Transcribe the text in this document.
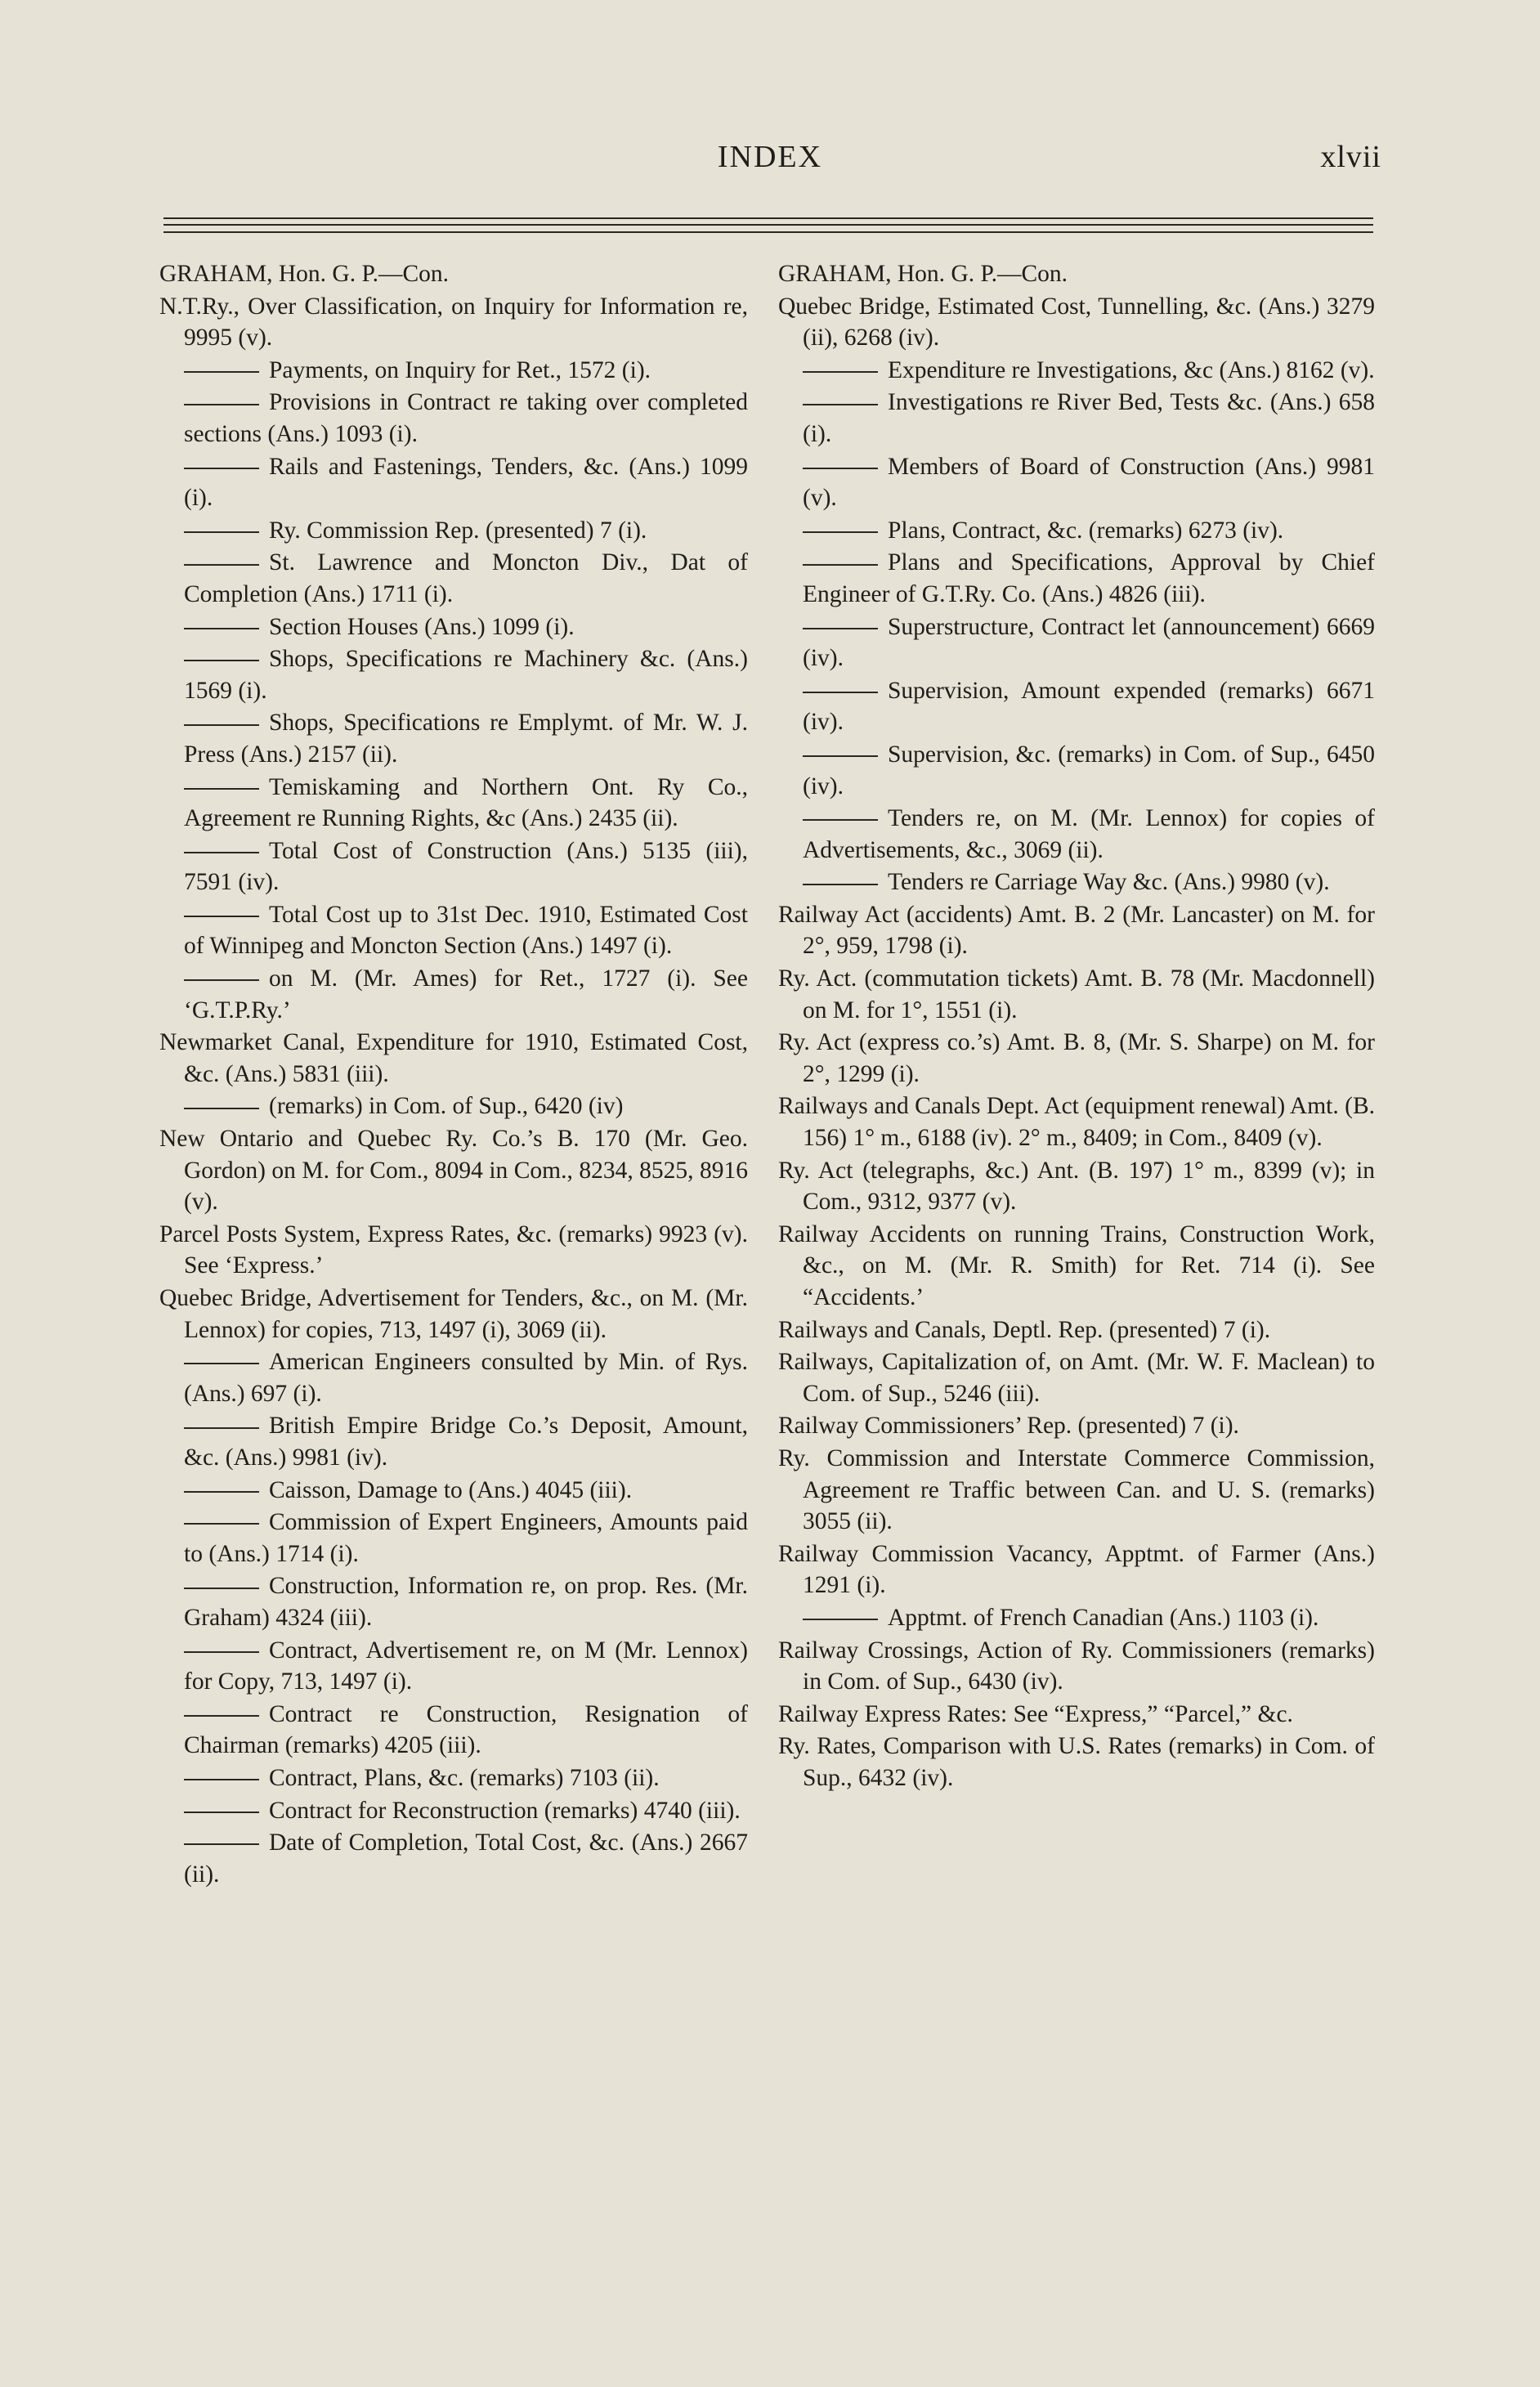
INDEX	xlvii
GRAHAM, Hon. G. P.—Con.
N.T.Ry., Over Classification, on Inquiry for Information re, 9995 (v).
Payments, on Inquiry for Ret., 1572 (i).
Provisions in Contract re taking over completed sections (Ans.) 1093 (i).
Rails and Fastenings, Tenders, &c. (Ans.) 1099 (i).
Ry. Commission Rep. (presented) 7 (i).
St. Lawrence and Moncton Div., Dat of Completion (Ans.) 1711 (i).
Section Houses (Ans.) 1099 (i).
Shops, Specifications re Machinery &c. (Ans.) 1569 (i).
Shops, Specifications re Emplymt. of Mr. W. J. Press (Ans.) 2157 (ii).
Temiskaming and Northern Ont. Ry Co., Agreement re Running Rights, &c (Ans.) 2435 (ii).
Total Cost of Construction (Ans.) 5135 (iii), 7591 (iv).
Total Cost up to 31st Dec. 1910, Estimated Cost of Winnipeg and Moncton Section (Ans.) 1497 (i).
on M. (Mr. Ames) for Ret., 1727 (i). See ‘G.T.P.Ry.’
Newmarket Canal, Expenditure for 1910, Estimated Cost, &c. (Ans.) 5831 (iii).
(remarks) in Com. of Sup., 6420 (iv)
New Ontario and Quebec Ry. Co.’s B. 170 (Mr. Geo. Gordon) on M. for Com., 8094 in Com., 8234, 8525, 8916 (v).
Parcel Posts System, Express Rates, &c. (remarks) 9923 (v). See ‘Express.’
Quebec Bridge, Advertisement for Tenders, &c., on M. (Mr. Lennox) for copies, 713, 1497 (i), 3069 (ii).
American Engineers consulted by Min. of Rys. (Ans.) 697 (i).
British Empire Bridge Co.’s Deposit, Amount, &c. (Ans.) 9981 (iv).
Caisson, Damage to (Ans.) 4045 (iii).
Commission of Expert Engineers, Amounts paid to (Ans.) 1714 (i).
Construction, Information re, on prop. Res. (Mr. Graham) 4324 (iii).
Contract, Advertisement re, on M (Mr. Lennox) for Copy, 713, 1497 (i).
Contract re Construction, Resignation of Chairman (remarks) 4205 (iii).
Contract, Plans, &c. (remarks) 7103 (ii).
Contract for Reconstruction (remarks) 4740 (iii).
Date of Completion, Total Cost, &c. (Ans.) 2667 (ii).
GRAHAM, Hon. G. P.—Con.
Quebec Bridge, Estimated Cost, Tunnelling, &c. (Ans.) 3279 (ii), 6268 (iv).
Expenditure re Investigations, &c (Ans.) 8162 (v).
Investigations re River Bed, Tests &c. (Ans.) 658 (i).
Members of Board of Construction (Ans.) 9981 (v).
Plans, Contract, &c. (remarks) 6273 (iv).
Plans and Specifications, Approval by Chief Engineer of G.T.Ry. Co. (Ans.) 4826 (iii).
Superstructure, Contract let (announcement) 6669 (iv).
Supervision, Amount expended (remarks) 6671 (iv).
Supervision, &c. (remarks) in Com. of Sup., 6450 (iv).
Tenders re, on M. (Mr. Lennox) for copies of Advertisements, &c., 3069 (ii).
Tenders re Carriage Way &c. (Ans.) 9980 (v).
Railway Act (accidents) Amt. B. 2 (Mr. Lancaster) on M. for 2°, 959, 1798 (i).
Ry. Act. (commutation tickets) Amt. B. 78 (Mr. Macdonnell) on M. for 1°, 1551 (i).
Ry. Act (express co.’s) Amt. B. 8, (Mr. S. Sharpe) on M. for 2°, 1299 (i).
Railways and Canals Dept. Act (equipment renewal) Amt. (B. 156) 1° m., 6188 (iv). 2° m., 8409; in Com., 8409 (v).
Ry. Act (telegraphs, &c.) Ant. (B. 197) 1° m., 8399 (v); in Com., 9312, 9377 (v).
Railway Accidents on running Trains, Construction Work, &c., on M. (Mr. R. Smith) for Ret. 714 (i). See “Accidents.’
Railways and Canals, Deptl. Rep. (presented) 7 (i).
Railways, Capitalization of, on Amt. (Mr. W. F. Maclean) to Com. of Sup., 5246 (iii).
Railway Commissioners’ Rep. (presented) 7 (i).
Ry. Commission and Interstate Commerce Commission, Agreement re Traffic between Can. and U. S. (remarks) 3055 (ii).
Railway Commission Vacancy, Apptmt. of Farmer (Ans.) 1291 (i).
Apptmt. of French Canadian (Ans.) 1103 (i).
Railway Crossings, Action of Ry. Commissioners (remarks) in Com. of Sup., 6430 (iv).
Railway Express Rates: See “Express,” “Parcel,” &c.
Ry. Rates, Comparison with U.S. Rates (remarks) in Com. of Sup., 6432 (iv).
